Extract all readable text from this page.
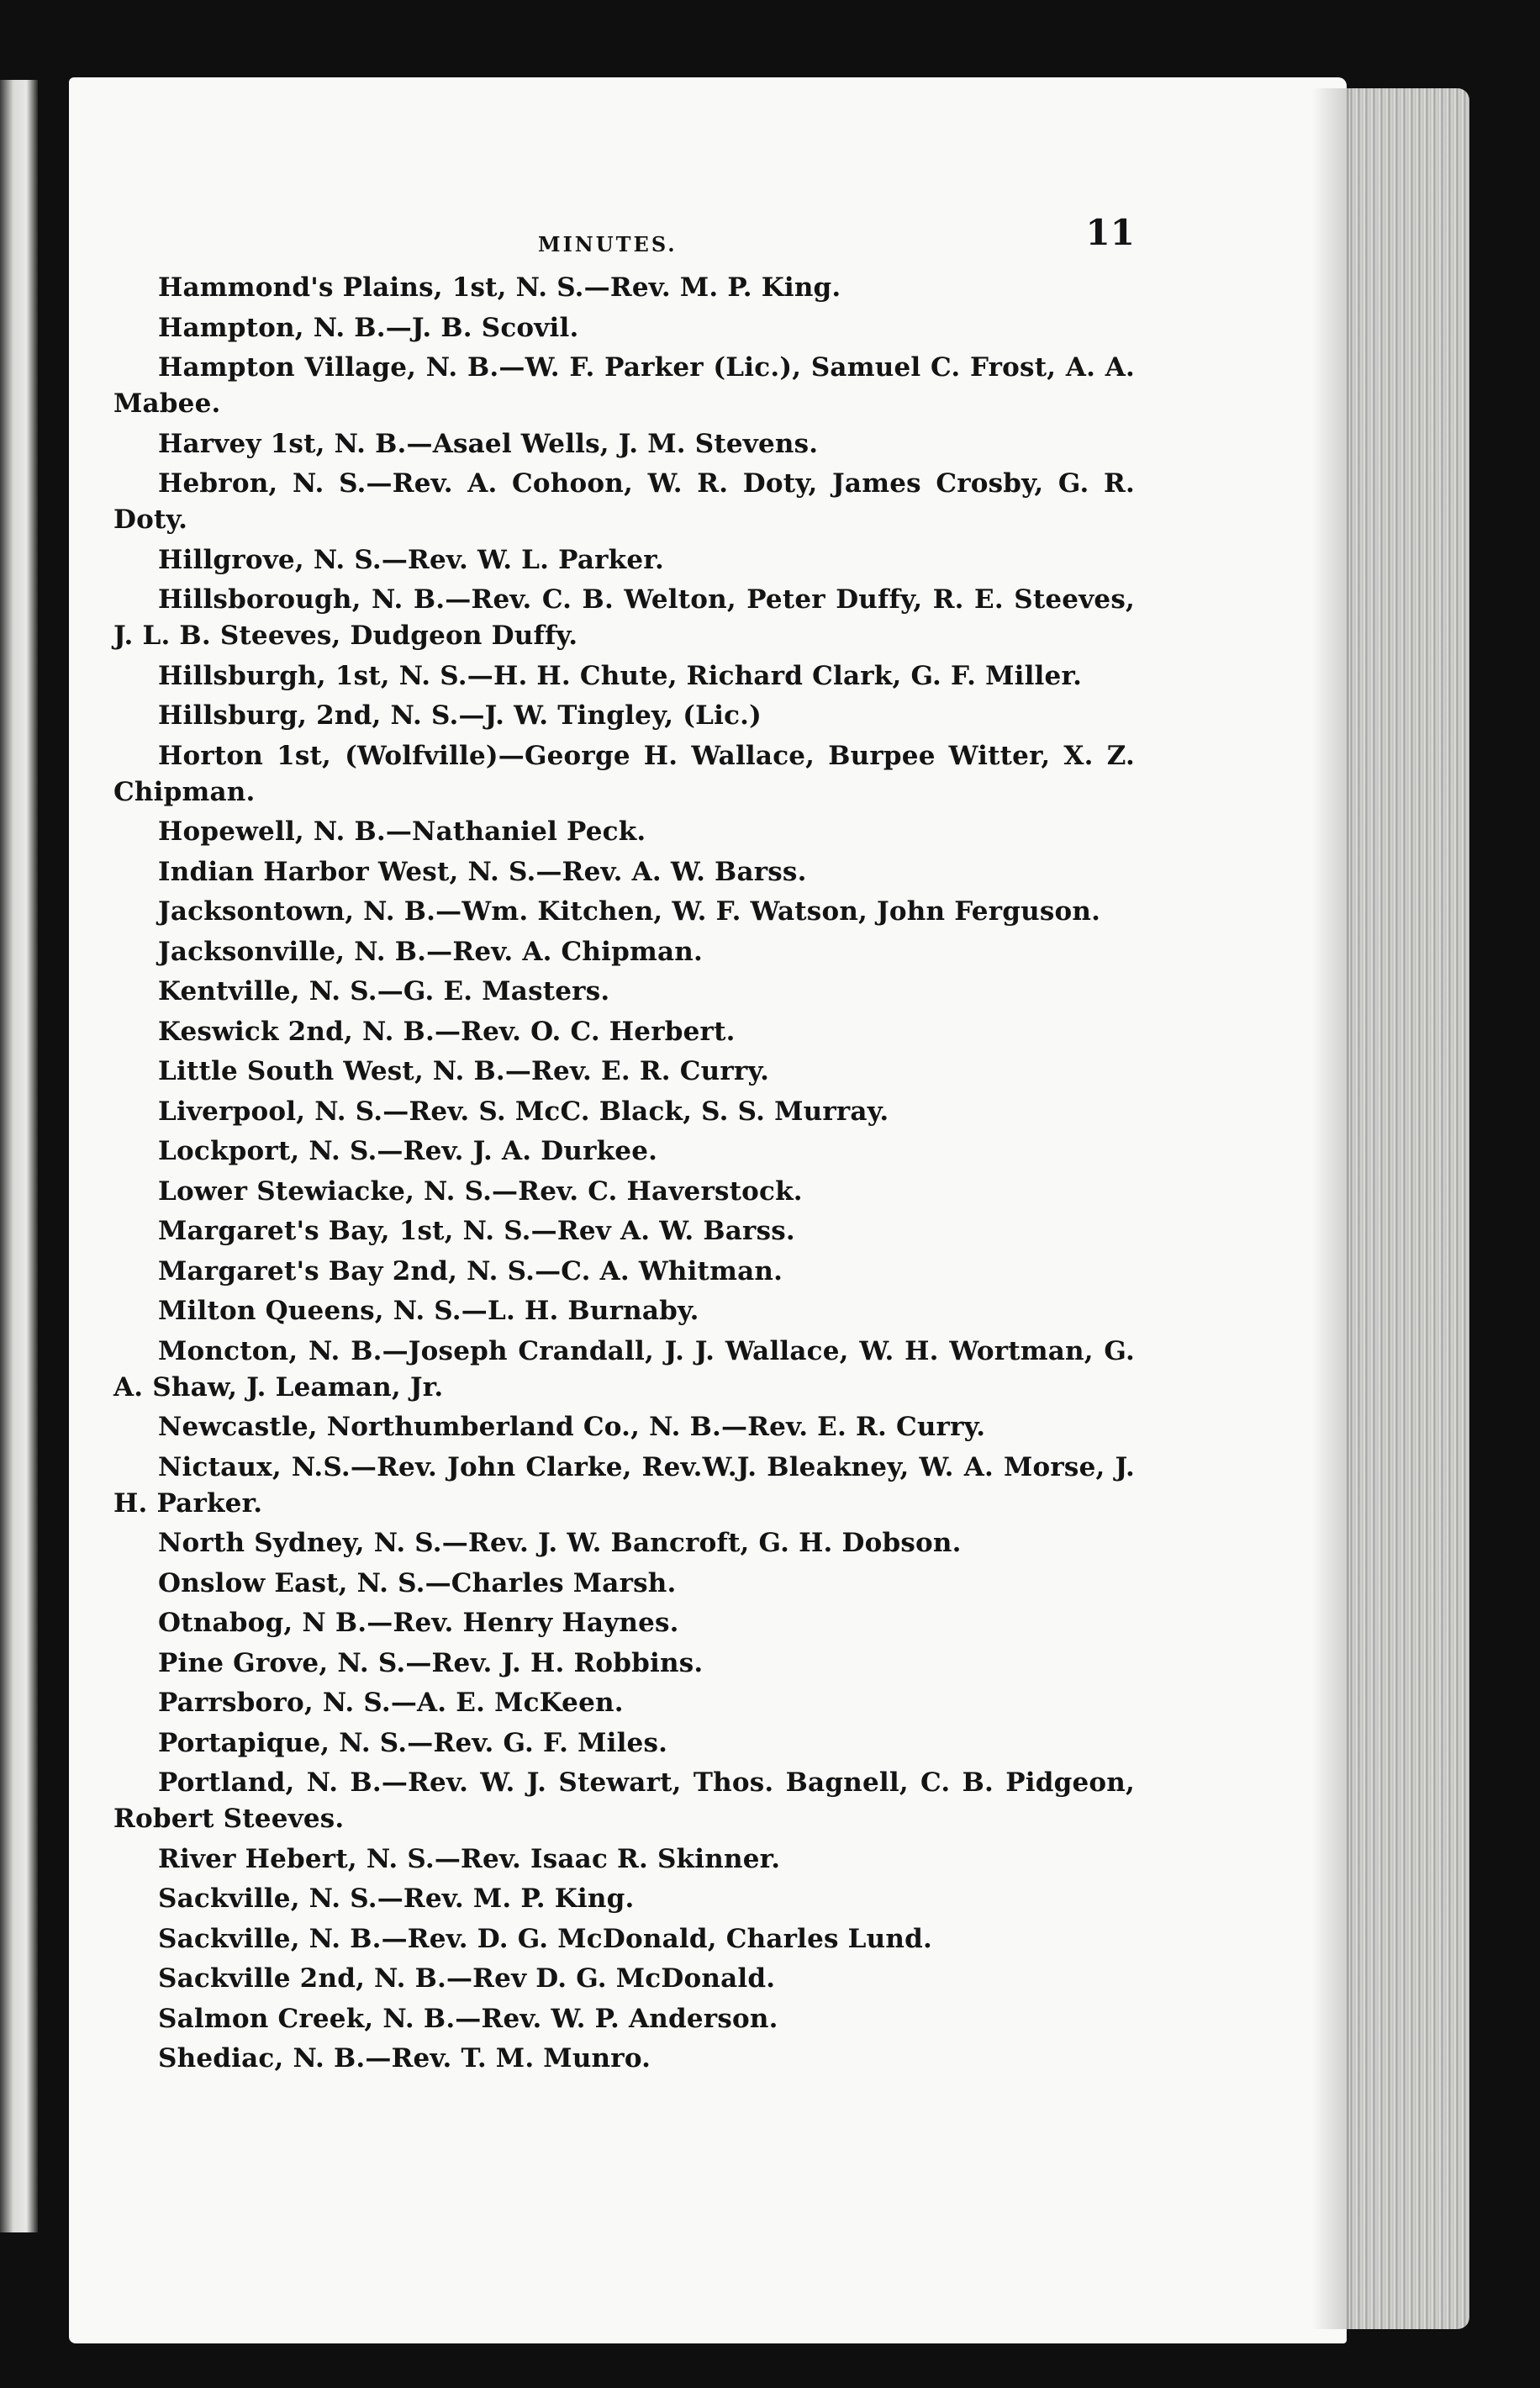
MINUTES.	11

Hammond's Plains, 1st, N. S.—Rev. M. P. King.

Hampton, N. B.—J. B. Scovil.

Hampton Village, N. B.—W. F. Parker (Lic.), Samuel C. Frost, A. A. Mabee.

Harvey 1st, N. B.—Asael Wells, J. M. Stevens.

Hebron, N. S.—Rev. A. Cohoon, W. R. Doty, James Crosby, G. R. Doty.

Hillgrove, N. S.—Rev. W. L. Parker.

Hillsborough, N. B.—Rev. C. B. Welton, Peter Duffy, R. E. Steeves, J. L. B. Steeves, Dudgeon Duffy.

Hillsburgh, 1st, N. S.—H. H. Chute, Richard Clark, G. F. Miller.

Hillsburg, 2nd, N. S.—J. W. Tingley, (Lic.)

Horton 1st, (Wolfville)—George H. Wallace, Burpee Witter, X. Z. Chipman.

Hopewell, N. B.—Nathaniel Peck.

Indian Harbor West, N. S.—Rev. A. W. Barss.

Jacksontown, N. B.—Wm. Kitchen, W. F. Watson, John Ferguson.

Jacksonville, N. B.—Rev. A. Chipman.

Kentville, N. S.—G. E. Masters.

Keswick 2nd, N. B.—Rev. O. C. Herbert.

Little South West, N. B.—Rev. E. R. Curry.

Liverpool, N. S.—Rev. S. McC. Black, S. S. Murray.

Lockport, N. S.—Rev. J. A. Durkee.

Lower Stewiacke, N. S.—Rev. C. Haverstock.

Margaret's Bay, 1st, N. S.—Rev A. W. Barss.

Margaret's Bay 2nd, N. S.—C. A. Whitman.

Milton Queens, N. S.—L. H. Burnaby.

Moncton, N. B.—Joseph Crandall, J. J. Wallace, W. H. Wortman, G. A. Shaw, J. Leaman, Jr.

Newcastle, Northumberland Co., N. B.—Rev. E. R. Curry.

Nictaux, N.S.—Rev. John Clarke, Rev.W.J. Bleakney, W. A. Morse, J. H. Parker.

North Sydney, N. S.—Rev. J. W. Bancroft, G. H. Dobson.

Onslow East, N. S.—Charles Marsh.

Otnabog, N B.—Rev. Henry Haynes.

Pine Grove, N. S.—Rev. J. H. Robbins.

Parrsboro, N. S.—A. E. McKeen.

Portapique, N. S.—Rev. G. F. Miles.

Portland, N. B.—Rev. W. J. Stewart, Thos. Bagnell, C. B. Pidgeon, Robert Steeves.

River Hebert, N. S.—Rev. Isaac R. Skinner.

Sackville, N. S.—Rev. M. P. King.

Sackville, N. B.—Rev. D. G. McDonald, Charles Lund.

Sackville 2nd, N. B.—Rev D. G. McDonald.

Salmon Creek, N. B.—Rev. W. P. Anderson.

Shediac, N. B.—Rev. T. M. Munro.
